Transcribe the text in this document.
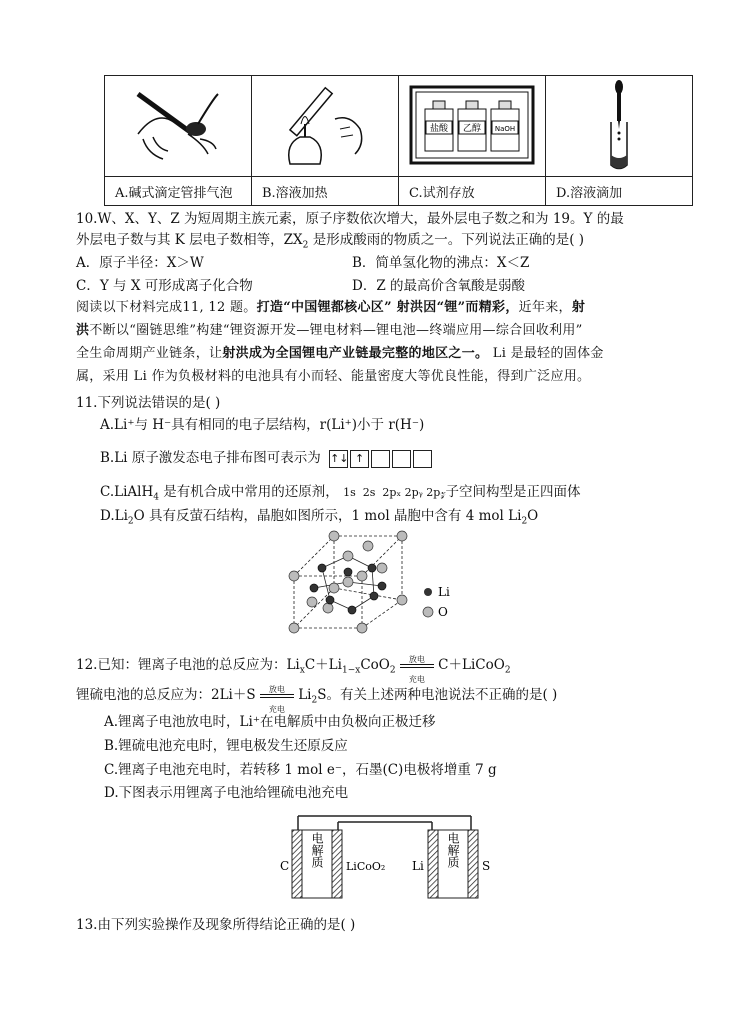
盐酸 乙醇 NaOH

A.碱式滴定管排气泡	B.溶液加热	C.试剂存放	D.溶液滴加
10.W、X、Y、Z 为短周期主族元素，原子序数依次增大，最外层电子数之和为 19。Y 的最
外层电子数与其 K 层电子数相等，$ZX_2$ 是形成酸雨的物质之一。下列说法正确的是( )
A．原子半径：X＞W	B．简单氢化物的沸点：X＜Z
C．Y 与 X 可形成离子化合物	D．Z 的最高价含氧酸是弱酸
阅读以下材料完成11, 12 题。打造“中国锂都核心区” 射洪因“锂”而精彩，近年来，射
洪不断以“圈链思维”构建“锂资源开发—锂电材料—锂电池—终端应用—综合回收利用”
全生命周期产业链条，让射洪成为全国锂电产业链最完整的地区之一。 Li 是最轻的固体金
属，采用 Li 作为负极材料的电池具有小而轻、能量密度大等优良性能，得到广泛应用。
11.下列说法错误的是( )
A.Li⁺与 H⁻具有相同的电子层结构，r(Li⁺)小于 r(H⁻)
B.Li 原子激发态电子排布图可表示为 ↑↓ ↑
C.LiAlH$_4$ 是有机合成中常用的还原剂， 1s 2s 2pₓ 2pᵧ 2p𝓏子空间构型是正四面体
$D.Li_2O$ 具有反萤石结构，晶胞如图所示，1 mol 晶胞中含有 4 mol $Li_2O$
Li
O
12.已知：锂离子电池的总反应为：$Li_xC+Li_{1-x}CoO_2 \frac{\text{放电}}{\text{充电}}$ C＋LiCoO$_2$
锂硫电池的总反应为：$2Li+S \frac{\text{放电}}{\text{充电}} Li_2S$。有关上述两种电池说法不正确的是( )
A.锂离子电池放电时，Li⁺在电解质中由负极向正极迁移
B.锂硫电池充电时，锂电极发生还原反应
C.锂离子电池充电时，若转移 1 mol e⁻，石墨(C)电极将增重 7 g
D.下图表示用锂离子电池给锂硫电池充电
电解质	电解质
C	LiCoO₂ Li	S
13.由下列实验操作及现象所得结论正确的是( )
